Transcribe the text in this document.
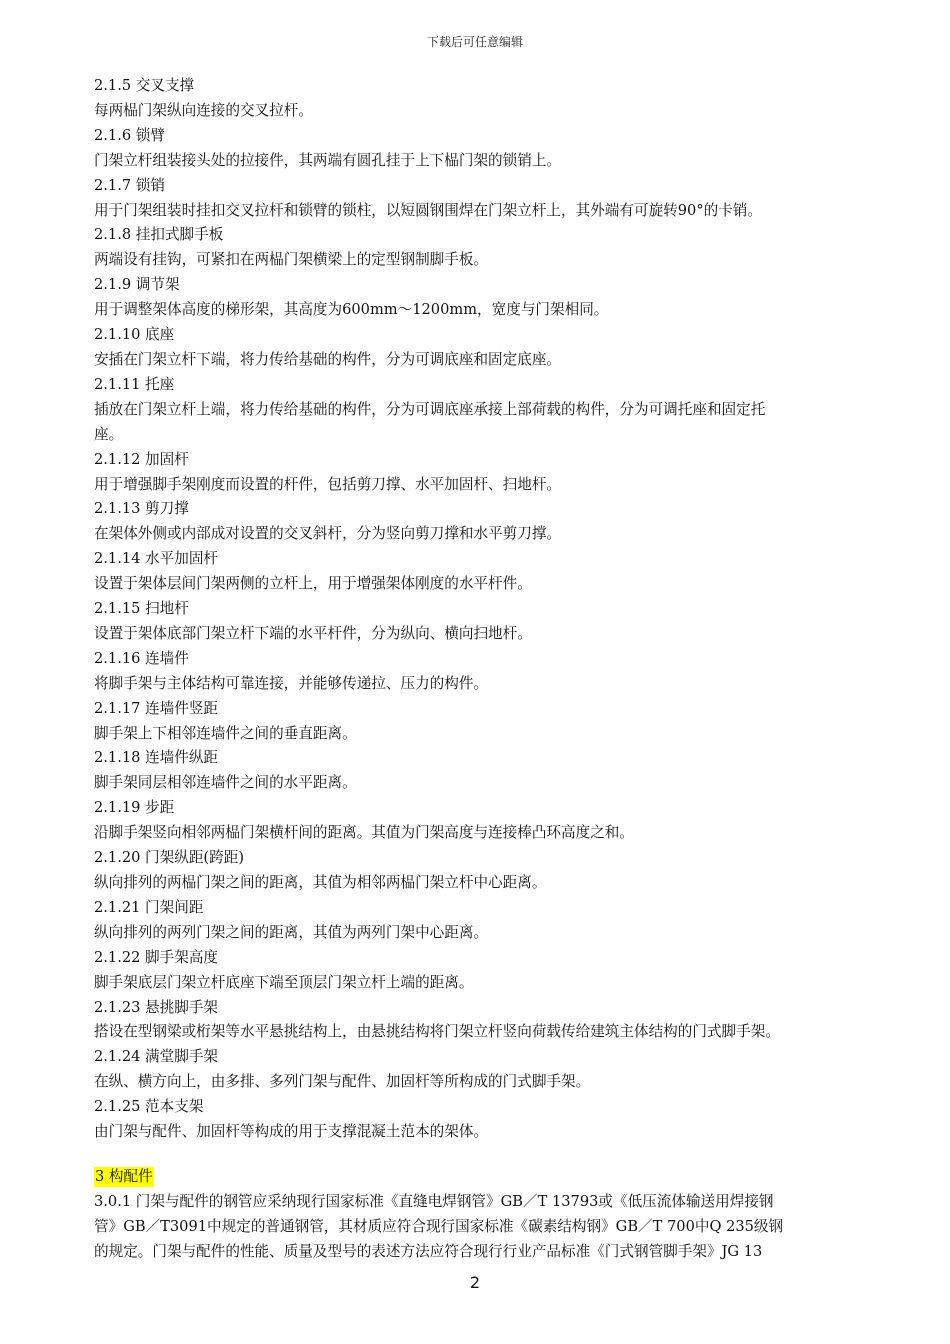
下载后可任意编辑
2.1.5 交叉支撑
每两榀门架纵向连接的交叉拉杆。
2.1.6 锁臂
门架立杆组装接头处的拉接件，其两端有圆孔挂于上下榀门架的锁销上。
2.1.7 锁销
用于门架组装时挂扣交叉拉杆和锁臂的锁柱，以短圆钢围焊在门架立杆上，其外端有可旋转90°的卡销。
2.1.8 挂扣式脚手板
两端设有挂钩，可紧扣在两榀门架横梁上的定型钢制脚手板。
2.1.9 调节架
用于调整架体高度的梯形架，其高度为600mm～1200mm，宽度与门架相同。
2.1.10 底座
安插在门架立杆下端，将力传给基础的构件，分为可调底座和固定底座。
2.1.11 托座
插放在门架立杆上端，将力传给基础的构件，分为可调底座承接上部荷载的构件，分为可调托座和固定托
座。
2.1.12 加固杆
用于增强脚手架刚度而设置的杆件，包括剪刀撑、水平加固杆、扫地杆。
2.1.13 剪刀撑
在架体外侧或内部成对设置的交叉斜杆，分为竖向剪刀撑和水平剪刀撑。
2.1.14 水平加固杆
设置于架体层间门架两侧的立杆上，用于增强架体刚度的水平杆件。
2.1.15 扫地杆
设置于架体底部门架立杆下端的水平杆件，分为纵向、横向扫地杆。
2.1.16 连墙件
将脚手架与主体结构可靠连接，并能够传递拉、压力的构件。
2.1.17 连墙件竖距
脚手架上下相邻连墙件之间的垂直距离。
2.1.18 连墙件纵距
脚手架同层相邻连墙件之间的水平距离。
2.1.19 步距
沿脚手架竖向相邻两榀门架横杆间的距离。其值为门架高度与连接棒凸环高度之和。
2.1.20 门架纵距(跨距)
纵向排列的两榀门架之间的距离，其值为相邻两榀门架立杆中心距离。
2.1.21 门架间距
纵向排列的两列门架之间的距离，其值为两列门架中心距离。
2.1.22 脚手架高度
脚手架底层门架立杆底座下端至顶层门架立杆上端的距离。
2.1.23 悬挑脚手架
搭设在型钢梁或桁架等水平悬挑结构上，由悬挑结构将门架立杆竖向荷载传给建筑主体结构的门式脚手架。
2.1.24 满堂脚手架
在纵、横方向上，由多排、多列门架与配件、加固杆等所构成的门式脚手架。
2.1.25 范本支架
由门架与配件、加固杆等构成的用于支撑混凝土范本的架体。
3 构配件
3.0.1 门架与配件的钢管应采纳现行国家标准《直缝电焊钢管》GB／T 13793或《低压流体输送用焊接钢
管》GB／T3091中规定的普通钢管，其材质应符合现行国家标准《碳素结构钢》GB／T 700中Q 235级钢
的规定。门架与配件的性能、质量及型号的表述方法应符合现行行业产品标准《门式钢管脚手架》JG 13
2
